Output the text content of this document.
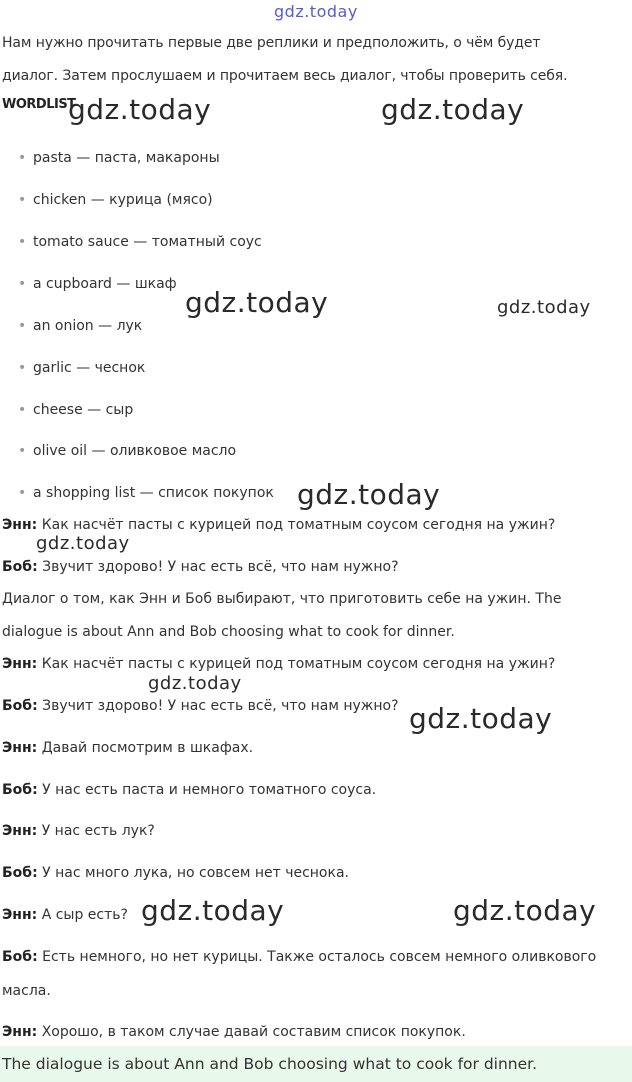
gdz.today
Нам нужно прочитать первые две реплики и предположить, о чём будет
диалог. Затем прослушаем и прочитаем весь диалог, чтобы проверить себя.
WORDLIST
• pasta — паста, макароны
• chicken — курица (мясо)
• tomato sauce — томатный соус
• a cupboard — шкаф
• an onion — лук
• garlic — чеснок
• cheese — сыр
• olive oil — оливковое масло
• a shopping list — список покупок
Энн: Как насчёт пасты с курицей под томатным соусом сегодня на ужин?
Боб: Звучит здорово! У нас есть всё, что нам нужно?
Диалог о том, как Энн и Боб выбирают, что приготовить себе на ужин. The
dialogue is about Ann and Bob choosing what to cook for dinner.
Энн: Как насчёт пасты с курицей под томатным соусом сегодня на ужин?
Боб: Звучит здорово! У нас есть всё, что нам нужно?
Энн: Давай посмотрим в шкафах.
Боб: У нас есть паста и немного томатного соуса.
Энн: У нас есть лук?
Боб: У нас много лука, но совсем нет чеснока.
Энн: А сыр есть?
Боб: Есть немного, но нет курицы. Также осталось совсем немного оливкового
масла.
Энн: Хорошо, в таком случае давай составим список покупок.
The dialogue is about Ann and Bob choosing what to cook for dinner.
gdz.today	gdz.today
gdz.today	gdz.today
gdz.today
gdz.today
gdz.today
gdz.today
gdz.today	gdz.today
